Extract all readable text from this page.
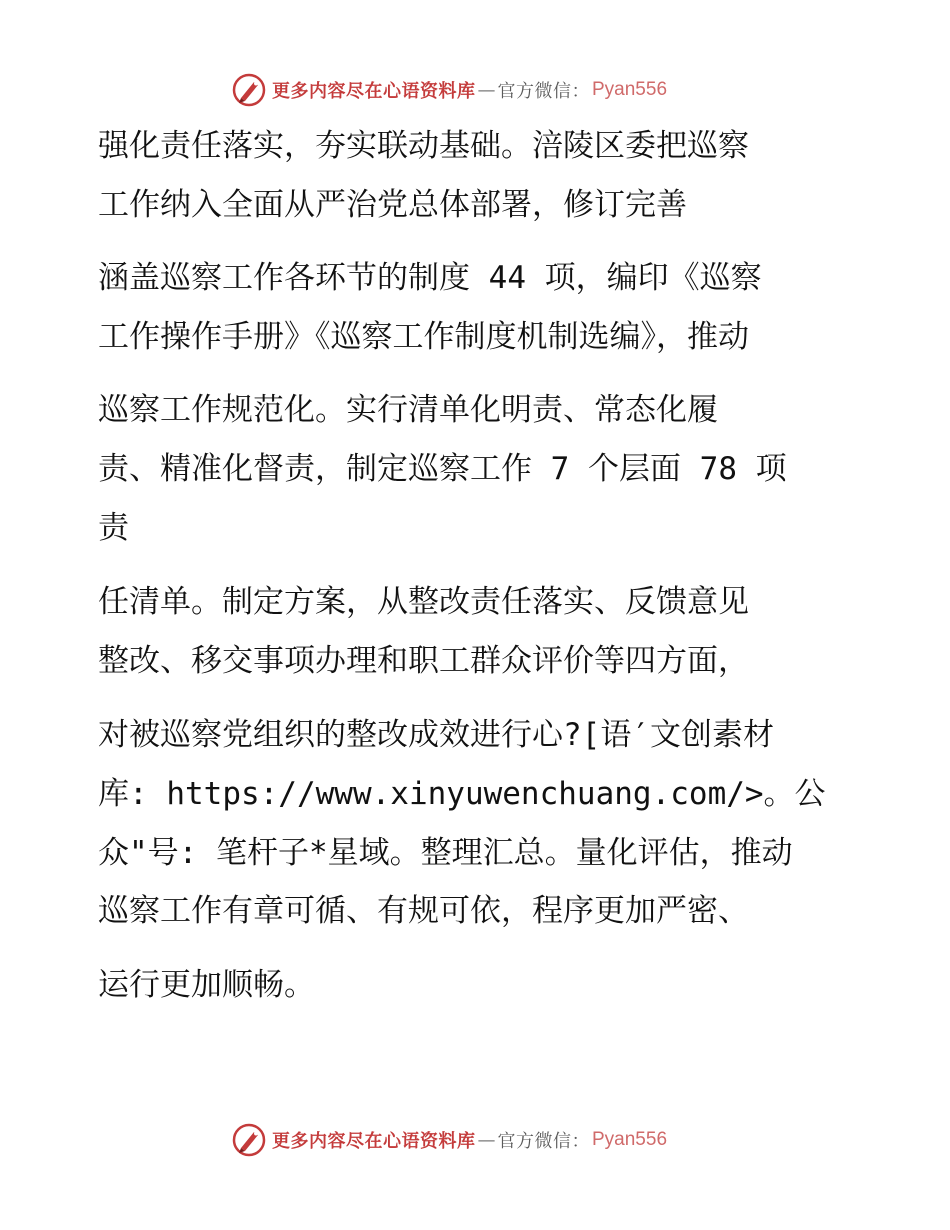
更多内容尽在心语资料库 — 官方微信： Pyan556
强化责任落实，夯实联动基础。涪陵区委把巡察
工作纳入全面从严治党总体部署，修订完善
涵盖巡察工作各环节的制度 44 项，编印《巡察
工作操作手册》《巡察工作制度机制选编》，推动
巡察工作规范化。实行清单化明责、常态化履
责、精准化督责，制定巡察工作 7 个层面 78 项
责
任清单。制定方案，从整改责任落实、反馈意见
整改、移交事项办理和职工群众评价等四方面，
对被巡察党组织的整改成效进行心?[语′文创素材
库: https://www.xinyuwenchuang.com/>。公
众"号: 笔杆子*星域。整理汇总。量化评估，推动
巡察工作有章可循、有规可依，程序更加严密、
运行更加顺畅。
更多内容尽在心语资料库 — 官方微信： Pyan556
